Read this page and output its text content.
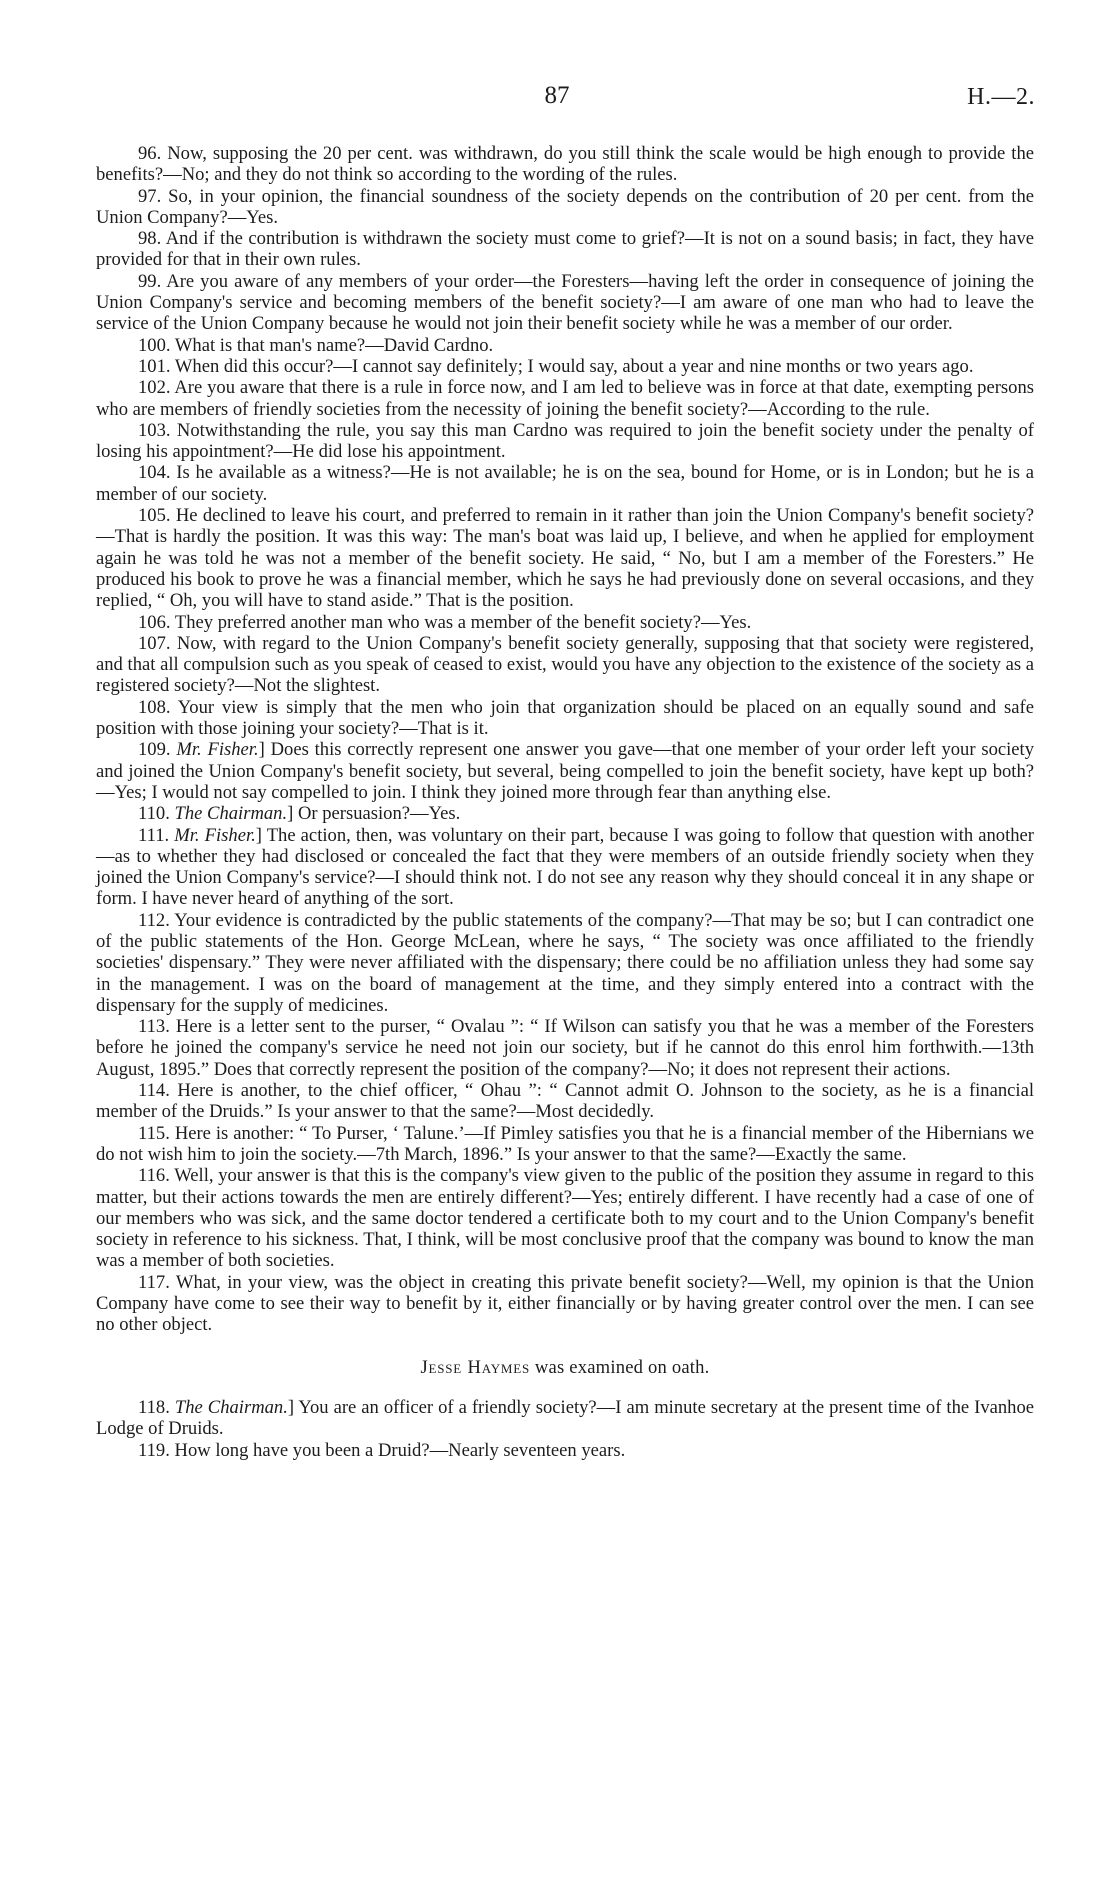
87	H.—2.

96. Now, supposing the 20 per cent. was withdrawn, do you still think the scale would be high enough to provide the benefits?—No; and they do not think so according to the wording of the rules.

97. So, in your opinion, the financial soundness of the society depends on the contribution of 20 per cent. from the Union Company?—Yes.

98. And if the contribution is withdrawn the society must come to grief?—It is not on a sound basis; in fact, they have provided for that in their own rules.

99. Are you aware of any members of your order—the Foresters—having left the order in consequence of joining the Union Company's service and becoming members of the benefit society?—I am aware of one man who had to leave the service of the Union Company because he would not join their benefit society while he was a member of our order.

100. What is that man's name?—David Cardno.

101. When did this occur?—I cannot say definitely; I would say, about a year and nine months or two years ago.

102. Are you aware that there is a rule in force now, and I am led to believe was in force at that date, exempting persons who are members of friendly societies from the necessity of joining the benefit society?—According to the rule.

103. Notwithstanding the rule, you say this man Cardno was required to join the benefit society under the penalty of losing his appointment?—He did lose his appointment.

104. Is he available as a witness?—He is not available; he is on the sea, bound for Home, or is in London; but he is a member of our society.

105. He declined to leave his court, and preferred to remain in it rather than join the Union Company's benefit society?—That is hardly the position. It was this way: The man's boat was laid up, I believe, and when he applied for employment again he was told he was not a member of the benefit society. He said, “ No, but I am a member of the Foresters.” He produced his book to prove he was a financial member, which he says he had previously done on several occasions, and they replied, “ Oh, you will have to stand aside.” That is the position.

106. They preferred another man who was a member of the benefit society?—Yes.

107. Now, with regard to the Union Company's benefit society generally, supposing that that society were registered, and that all compulsion such as you speak of ceased to exist, would you have any objection to the existence of the society as a registered society?—Not the slightest.

108. Your view is simply that the men who join that organization should be placed on an equally sound and safe position with those joining your society?—That is it.

109. Mr. Fisher.] Does this correctly represent one answer you gave—that one member of your order left your society and joined the Union Company's benefit society, but several, being compelled to join the benefit society, have kept up both?—Yes; I would not say compelled to join. I think they joined more through fear than anything else.

110. The Chairman.] Or persuasion?—Yes.

111. Mr. Fisher.] The action, then, was voluntary on their part, because I was going to follow that question with another—as to whether they had disclosed or concealed the fact that they were members of an outside friendly society when they joined the Union Company's service?—I should think not. I do not see any reason why they should conceal it in any shape or form. I have never heard of anything of the sort.

112. Your evidence is contradicted by the public statements of the company?—That may be so; but I can contradict one of the public statements of the Hon. George McLean, where he says, “ The society was once affiliated to the friendly societies' dispensary.” They were never affiliated with the dispensary; there could be no affiliation unless they had some say in the management. I was on the board of management at the time, and they simply entered into a contract with the dispensary for the supply of medicines.

113. Here is a letter sent to the purser, “ Ovalau ”: “ If Wilson can satisfy you that he was a member of the Foresters before he joined the company's service he need not join our society, but if he cannot do this enrol him forthwith.—13th August, 1895.” Does that correctly represent the position of the company?—No; it does not represent their actions.

114. Here is another, to the chief officer, “ Ohau ”: “ Cannot admit O. Johnson to the society, as he is a financial member of the Druids.” Is your answer to that the same?—Most decidedly.

115. Here is another: “ To Purser, ‘ Talune.’—If Pimley satisfies you that he is a financial member of the Hibernians we do not wish him to join the society.—7th March, 1896.” Is your answer to that the same?—Exactly the same.

116. Well, your answer is that this is the company's view given to the public of the position they assume in regard to this matter, but their actions towards the men are entirely different?—Yes; entirely different. I have recently had a case of one of our members who was sick, and the same doctor tendered a certificate both to my court and to the Union Company's benefit society in reference to his sickness. That, I think, will be most conclusive proof that the company was bound to know the man was a member of both societies.

117. What, in your view, was the object in creating this private benefit society?—Well, my opinion is that the Union Company have come to see their way to benefit by it, either financially or by having greater control over the men. I can see no other object.

Jesse Haymes was examined on oath.

118. The Chairman.] You are an officer of a friendly society?—I am minute secretary at the present time of the Ivanhoe Lodge of Druids.

119. How long have you been a Druid?—Nearly seventeen years.
